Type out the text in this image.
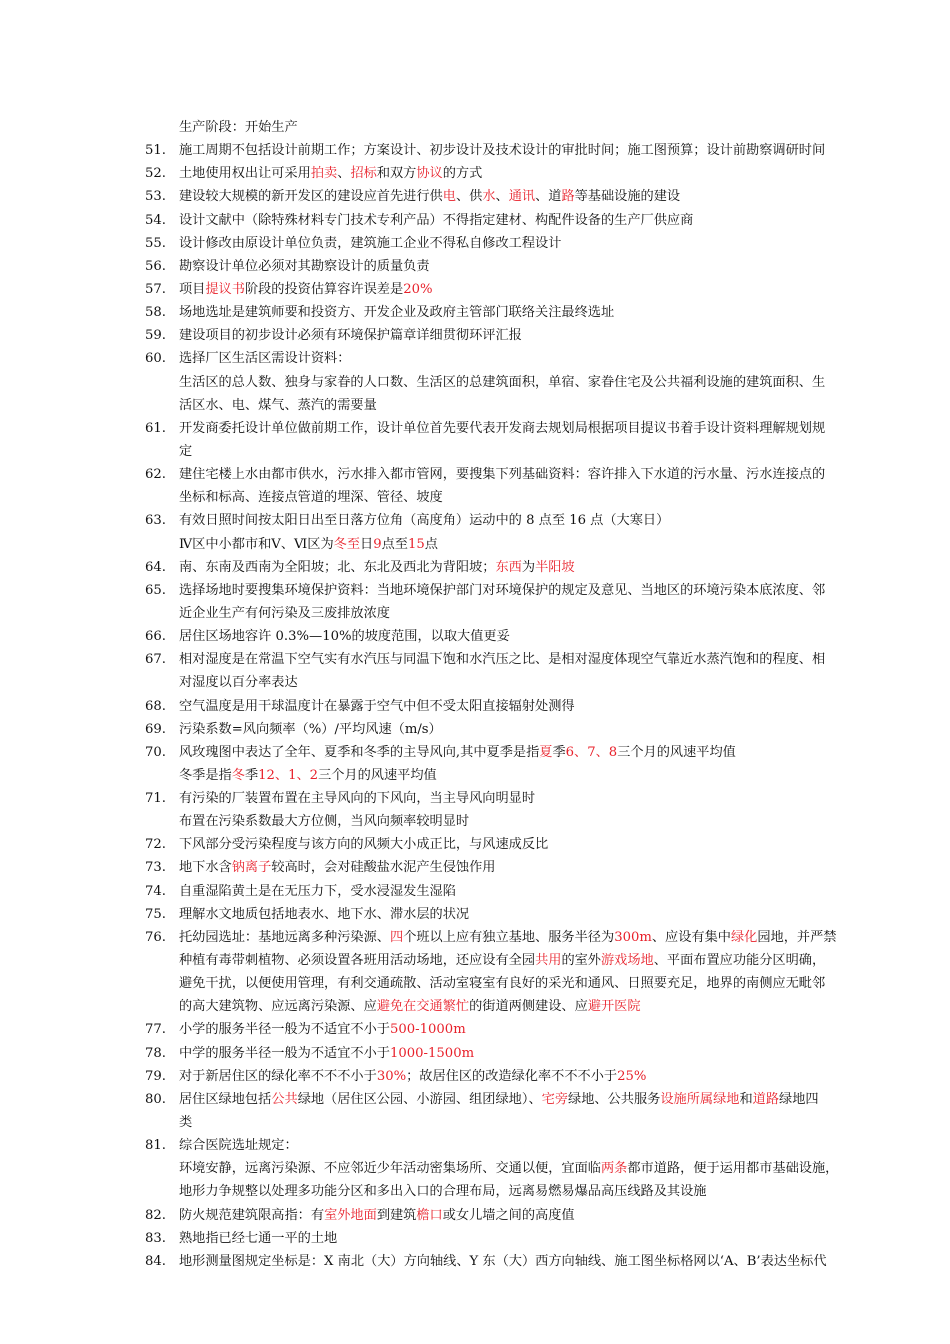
生产阶段：开始生产
51. 施工周期不包括设计前期工作；方案设计、初步设计及技术设计的审批时间；施工图预算；设计前勘察调研时间
52. 土地使用权出让可采用拍卖、招标和双方协议的方式
53. 建设较大规模的新开发区的建设应首先进行供电、供水、通讯、道路等基础设施的建设
54. 设计文献中（除特殊材料专门技术专利产品）不得指定建材、构配件设备的生产厂供应商
55. 设计修改由原设计单位负责，建筑施工企业不得私自修改工程设计
56. 勘察设计单位必须对其勘察设计的质量负责
57. 项目提议书阶段的投资估算容许误差是20%
58. 场地选址是建筑师要和投资方、开发企业及政府主管部门联络关注最终选址
59. 建设项目的初步设计必须有环境保护篇章详细贯彻环评汇报
60. 选择厂区生活区需设计资料：
生活区的总人数、独身与家眷的人口数、生活区的总建筑面积，单宿、家眷住宅及公共福利设施的建筑面积、生
活区水、电、煤气、蒸汽的需要量
61. 开发商委托设计单位做前期工作，设计单位首先要代表开发商去规划局根据项目提议书着手设计资料理解规划规
定
62. 建住宅楼上水由都市供水，污水排入都市管网，要搜集下列基础资料：容许排入下水道的污水量、污水连接点的
坐标和标高、连接点管道的埋深、管径、坡度
63. 有效日照时间按太阳日出至日落方位角（高度角）运动中的 8 点至 16 点（大寒日）
Ⅳ区中小都市和Ⅴ、Ⅵ区为冬至日9点至15点
64. 南、东南及西南为全阳坡；北、东北及西北为背阳坡；东西为半阳坡
65. 选择场地时要搜集环境保护资料：当地环境保护部门对环境保护的规定及意见、当地区的环境污染本底浓度、邻
近企业生产有何污染及三废排放浓度
66. 居住区场地容许 0.3%—10%的坡度范围，以取大值更妥
67. 相对湿度是在常温下空气实有水汽压与同温下饱和水汽压之比、是相对湿度体现空气靠近水蒸汽饱和的程度、相
对湿度以百分率表达
68. 空气温度是用干球温度计在暴露于空气中但不受太阳直接辐射处测得
69. 污染系数=风向频率（%）/平均风速（m/s）
70. 风玫瑰图中表达了全年、夏季和冬季的主导风向,其中夏季是指夏季6、7、8三个月的风速平均值
冬季是指冬季12、1、2三个月的风速平均值
71. 有污染的厂装置布置在主导风向的下风向，当主导风向明显时
布置在污染系数最大方位侧，当风向频率较明显时
72. 下风部分受污染程度与该方向的风频大小成正比，与风速成反比
73. 地下水含钠离子较高时，会对硅酸盐水泥产生侵蚀作用
74. 自重湿陷黄土是在无压力下，受水浸湿发生湿陷
75. 理解水文地质包括地表水、地下水、滞水层的状况
76. 托幼园选址：基地远离多种污染源、四个班以上应有独立基地、服务半径为300m、应设有集中绿化园地，并严禁
种植有毒带刺植物、必须设置各班用活动场地，还应设有全园共用的室外游戏场地、平面布置应功能分区明确，
避免干扰，以便使用管理，有利交通疏散、活动室寝室有良好的采光和通风、日照要充足，地界的南侧应无毗邻
的高大建筑物、应远离污染源、应避免在交通繁忙的街道两侧建设、应避开医院
77. 小学的服务半径一般为不适宜不小于500-1000m
78. 中学的服务半径一般为不适宜不小于1000-1500m
79. 对于新居住区的绿化率不不不小于30%；故居住区的改造绿化率不不不小于25%
80. 居住区绿地包括公共绿地（居住区公园、小游园、组团绿地）、宅旁绿地、公共服务设施所属绿地和道路绿地四
类
81. 综合医院选址规定：
环境安静，远离污染源、不应邻近少年活动密集场所、交通以便，宜面临两条都市道路，便于运用都市基础设施，
地形力争规整以处理多功能分区和多出入口的合理布局，远离易燃易爆品高压线路及其设施
82. 防火规范建筑限高指：有室外地面到建筑檐口或女儿墙之间的高度值
83. 熟地指已经七通一平的土地
84. 地形测量图规定坐标是：X 南北（大）方向轴线、Y 东（大）西方向轴线、施工图坐标格网以‘A、B’表达坐标代
